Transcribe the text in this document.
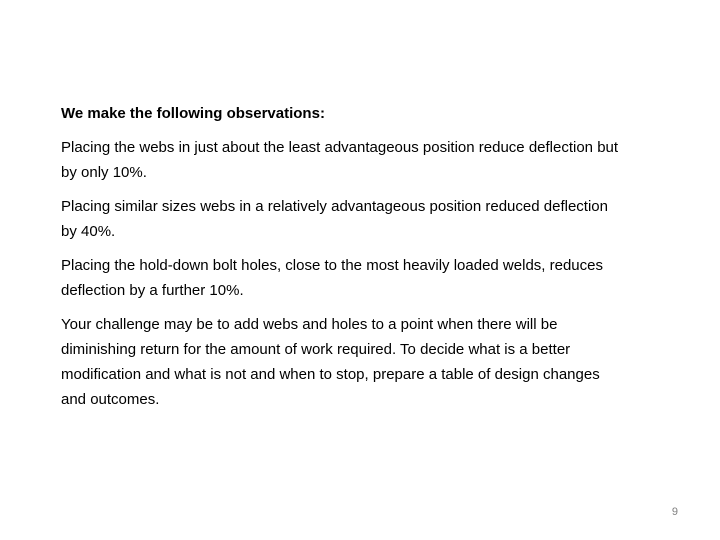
We make the following observations:

Placing the webs in just about the least advantageous position reduce deflection but by only 10%.

Placing similar sizes webs in a relatively advantageous position reduced deflection by 40%.

Placing the hold-down bolt holes, close to the most heavily loaded welds, reduces deflection by a further 10%.

Your challenge may be to add webs and holes to a point when there will be diminishing return for the amount of work required. To decide what is a better modification and what is not and when to stop, prepare a table of design changes and outcomes.

9
